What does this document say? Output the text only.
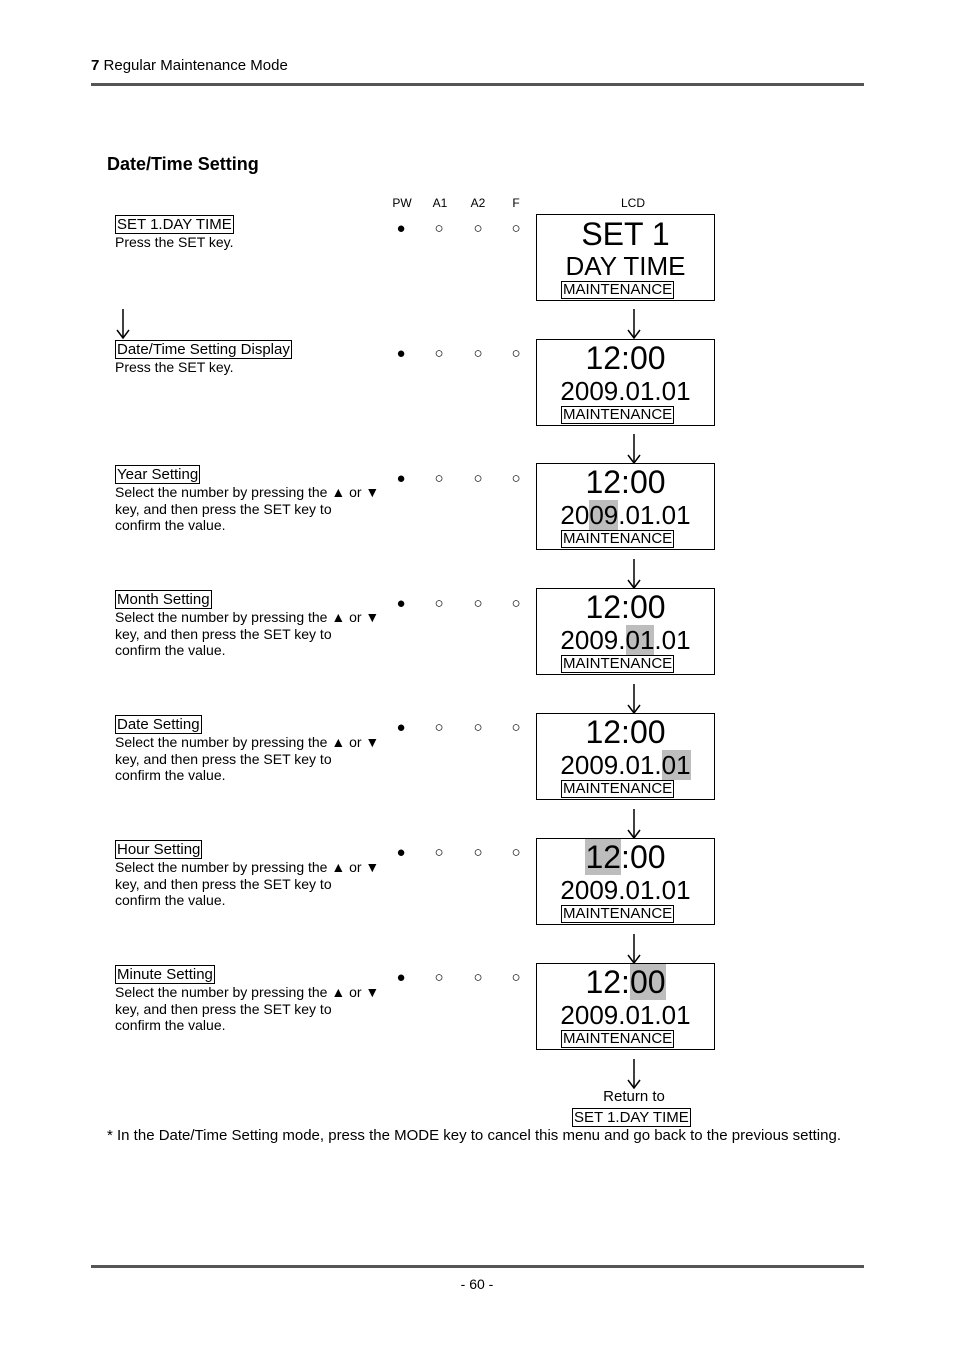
7 Regular Maintenance Mode
Date/Time Setting
PW	A1	A2	F	LCD
SET 1.DAY TIME
Press the SET key.
●	○	○	○	SET 1
DAY TIME
MAINTENANCE
Date/Time Setting Display
Press the SET key.
●	○	○	○	12:00
2009.01.01
MAINTENANCE
Year Setting
Select the number by pressing the ▲ or ▼ key, and then press the SET key to confirm the value.
●	○	○	○	12:00
2009.01.01
MAINTENANCE
Month Setting
Select the number by pressing the ▲ or ▼ key, and then press the SET key to confirm the value.
●	○	○	○	12:00
2009.01.01
MAINTENANCE
Date Setting
Select the number by pressing the ▲ or ▼ key, and then press the SET key to confirm the value.
●	○	○	○	12:00
2009.01.01
MAINTENANCE
Hour Setting
Select the number by pressing the ▲ or ▼ key, and then press the SET key to confirm the value.
●	○	○	○	12:00
2009.01.01
MAINTENANCE
Minute Setting
Select the number by pressing the ▲ or ▼ key, and then press the SET key to confirm the value.
●	○	○	○	12:00
2009.01.01
MAINTENANCE
Return to
SET 1.DAY TIME
* In the Date/Time Setting mode, press the MODE key to cancel this menu and go back to the previous setting.
- 60 -
